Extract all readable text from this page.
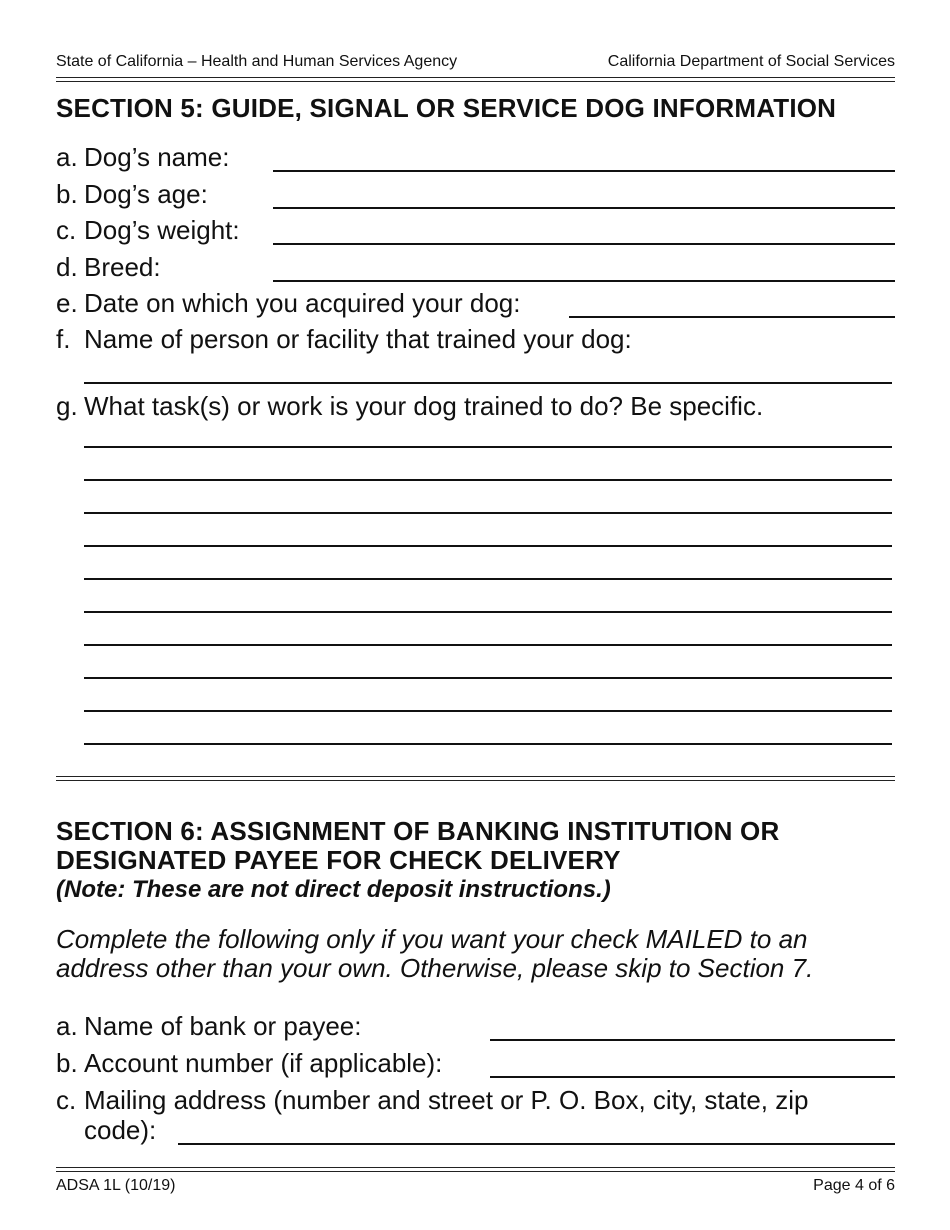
State of California – Health and Human Services Agency	California Department of Social Services
SECTION 5: GUIDE, SIGNAL OR SERVICE DOG INFORMATION
a. Dog’s name:
b. Dog’s age:
c. Dog’s weight:
d. Breed:
e. Date on which you acquired your dog:
f. Name of person or facility that trained your dog:
g. What task(s) or work is your dog trained to do? Be specific.
SECTION 6: ASSIGNMENT OF BANKING INSTITUTION OR
DESIGNATED PAYEE FOR CHECK DELIVERY
(Note: These are not direct deposit instructions.)
Complete the following only if you want your check MAILED to an
address other than your own. Otherwise, please skip to Section 7.
a. Name of bank or payee:
b. Account number (if applicable):
c. Mailing address (number and street or P. O. Box, city, state, zip
code):
ADSA 1L (10/19)	Page 4 of 6
